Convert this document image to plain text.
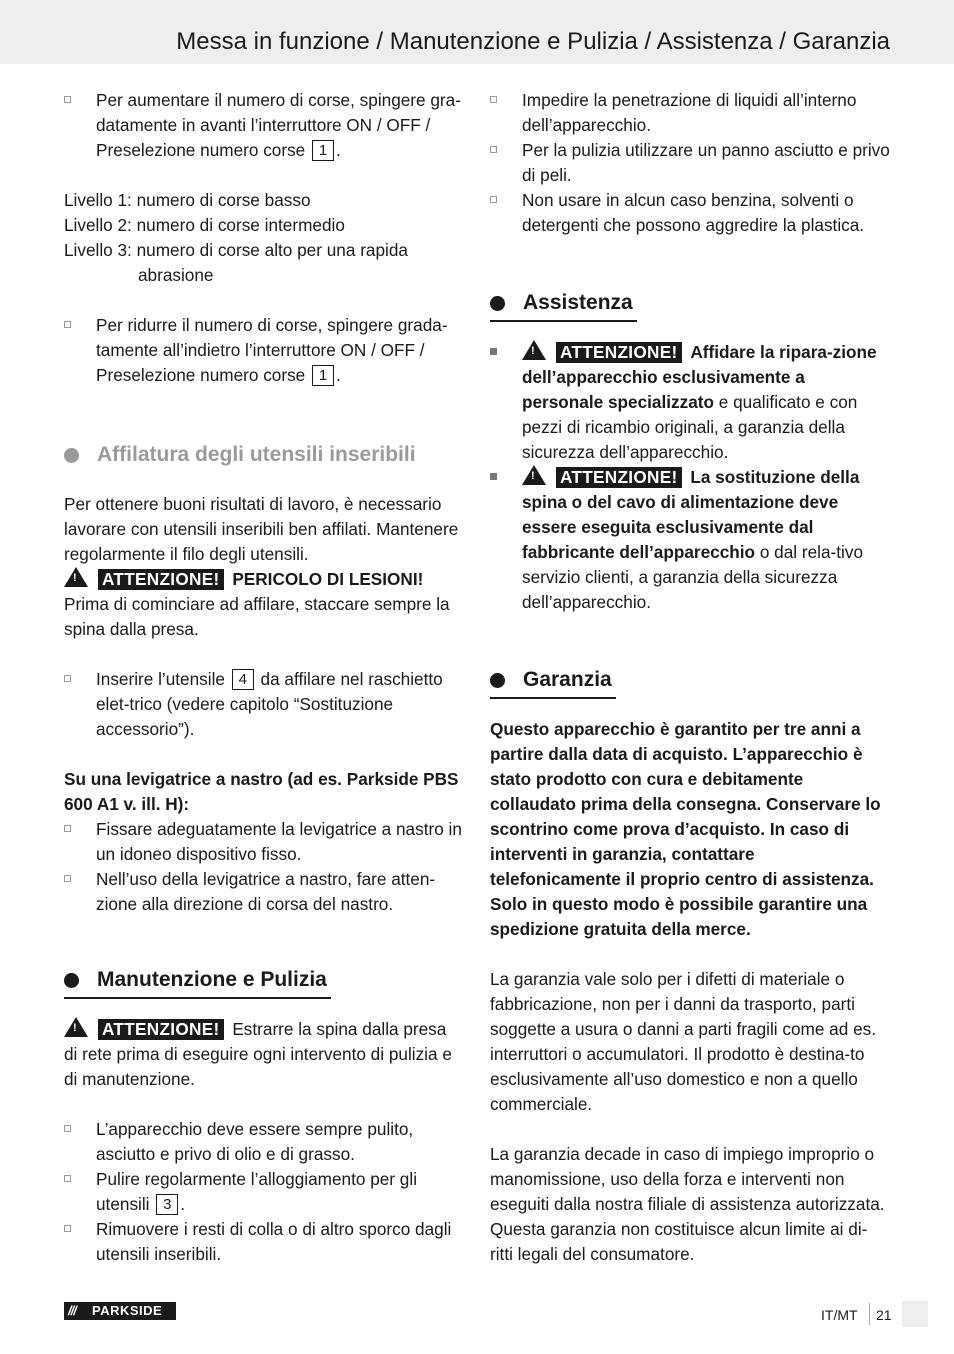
Messa in funzione / Manutenzione e Pulizia / Assistenza / Garanzia

Per aumentare il numero di corse, spingere gra-datamente in avanti l’interruttore ON / OFF / Preselezione numero corse 1 .

Livello 1: numero di corse basso

Livello 2: numero di corse intermedio

Livello 3: numero di corse alto per una rapida

abrasione

Per ridurre il numero di corse, spingere grada-tamente all’indietro l’interruttore ON / OFF / Preselezione numero corse 1 .

Affilatura degli utensili inseribili

Per ottenere buoni risultati di lavoro, è necessario lavorare con utensili inseribili ben affilati. Mantenere regolarmente il filo degli utensili.

! ATTENZIONE! PERICOLO DI LESIONI!

Prima di cominciare ad affilare, staccare sempre la spina dalla presa.

Inserire l’utensile 4 da affilare nel raschietto elet-trico (vedere capitolo “Sostituzione accessorio”).

Su una levigatrice a nastro (ad es. Parkside PBS 600 A1 v. ill. H):

Fissare adeguatamente la levigatrice a nastro in un idoneo dispositivo fisso.

Nell’uso della levigatrice a nastro, fare atten-zione alla direzione di corsa del nastro.

Manutenzione e Pulizia

! ATTENZIONE! Estrarre la spina dalla presa di rete prima di eseguire ogni intervento di pulizia e di manutenzione.

L’apparecchio deve essere sempre pulito, asciutto e privo di olio e di grasso.

Pulire regolarmente l’alloggiamento per gli utensili 3 .

Rimuovere i resti di colla o di altro sporco dagli utensili inseribili.

Impedire la penetrazione di liquidi all’interno dell’apparecchio.

Per la pulizia utilizzare un panno asciutto e privo di peli.

Non usare in alcun caso benzina, solventi o detergenti che possono aggredire la plastica.

Assistenza

! ATTENZIONE! Affidare la ripara-zione dell’apparecchio esclusivamente a personale specializzato e qualificato e con pezzi di ricambio originali, a garanzia della sicurezza dell’apparecchio.

! ATTENZIONE! La sostituzione della spina o del cavo di alimentazione deve essere eseguita esclusivamente dal fabbricante dell’apparecchio o dal rela-tivo servizio clienti, a garanzia della sicurezza dell’apparecchio.

Garanzia

Questo apparecchio è garantito per tre anni a partire dalla data di acquisto. L’apparecchio è stato prodotto con cura e debitamente collaudato prima della consegna. Conservare lo scontrino come prova d’acquisto. In caso di interventi in garanzia, contattare telefonicamente il proprio centro di assistenza. Solo in questo modo è possibile garantire una spedizione gratuita della merce.

La garanzia vale solo per i difetti di materiale o fabbricazione, non per i danni da trasporto, parti soggette a usura o danni a parti fragili come ad es. interruttori o accumulatori. Il prodotto è destina-to esclusivamente all’uso domestico e non a quello commerciale.

La garanzia decade in caso di impiego improprio o manomissione, uso della forza e interventi non eseguiti dalla nostra filiale di assistenza autorizzata. Questa garanzia non costituisce alcun limite ai di-ritti legali del consumatore.

/// PARKSIDE	IT/MT 21
